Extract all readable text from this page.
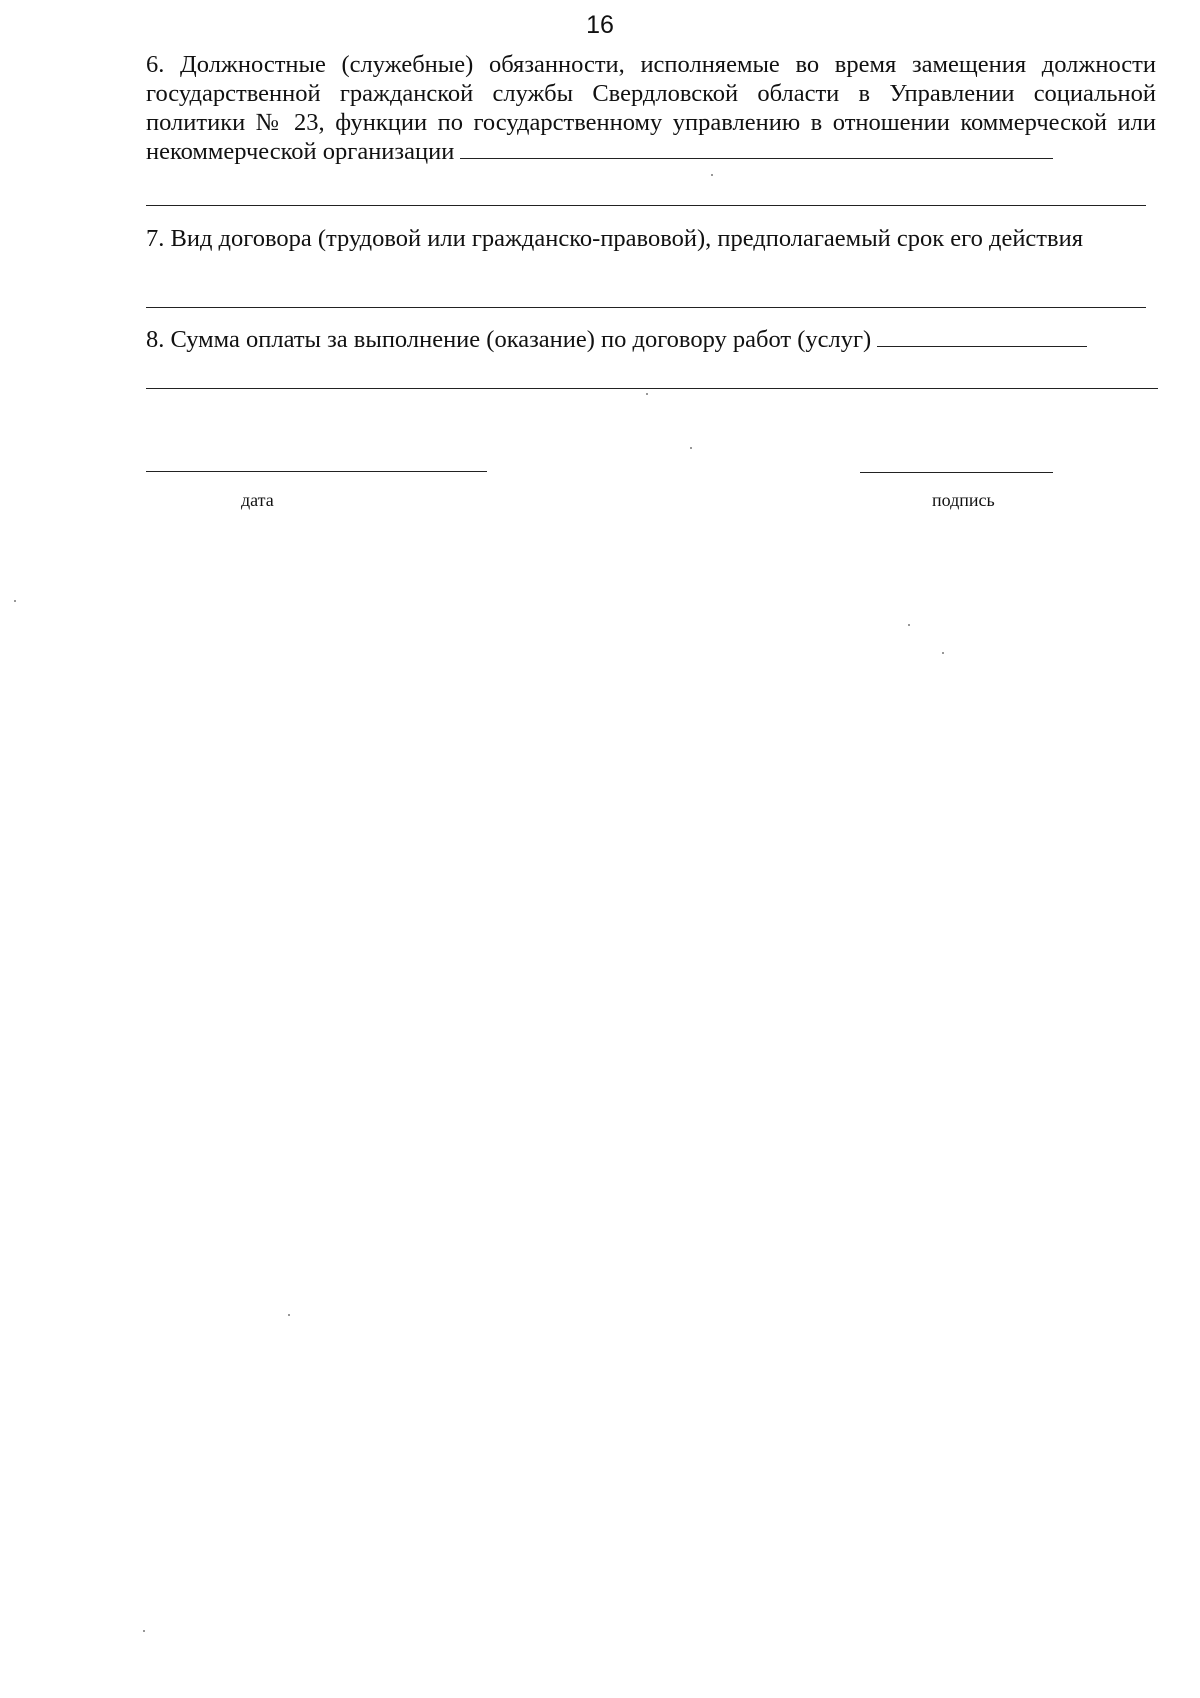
16

6. Должностные (служебные) обязанности, исполняемые во время замещения должности государственной гражданской службы Свердловской области в Управлении социальной политики № 23, функции по государственному управлению в отношении коммерческой или некоммерческой организации

7. Вид договора (трудовой или гражданско-правовой), предполагаемый срок его действия

8. Сумма оплаты за выполнение (оказание) по договору работ (услуг)

дата	подпись
